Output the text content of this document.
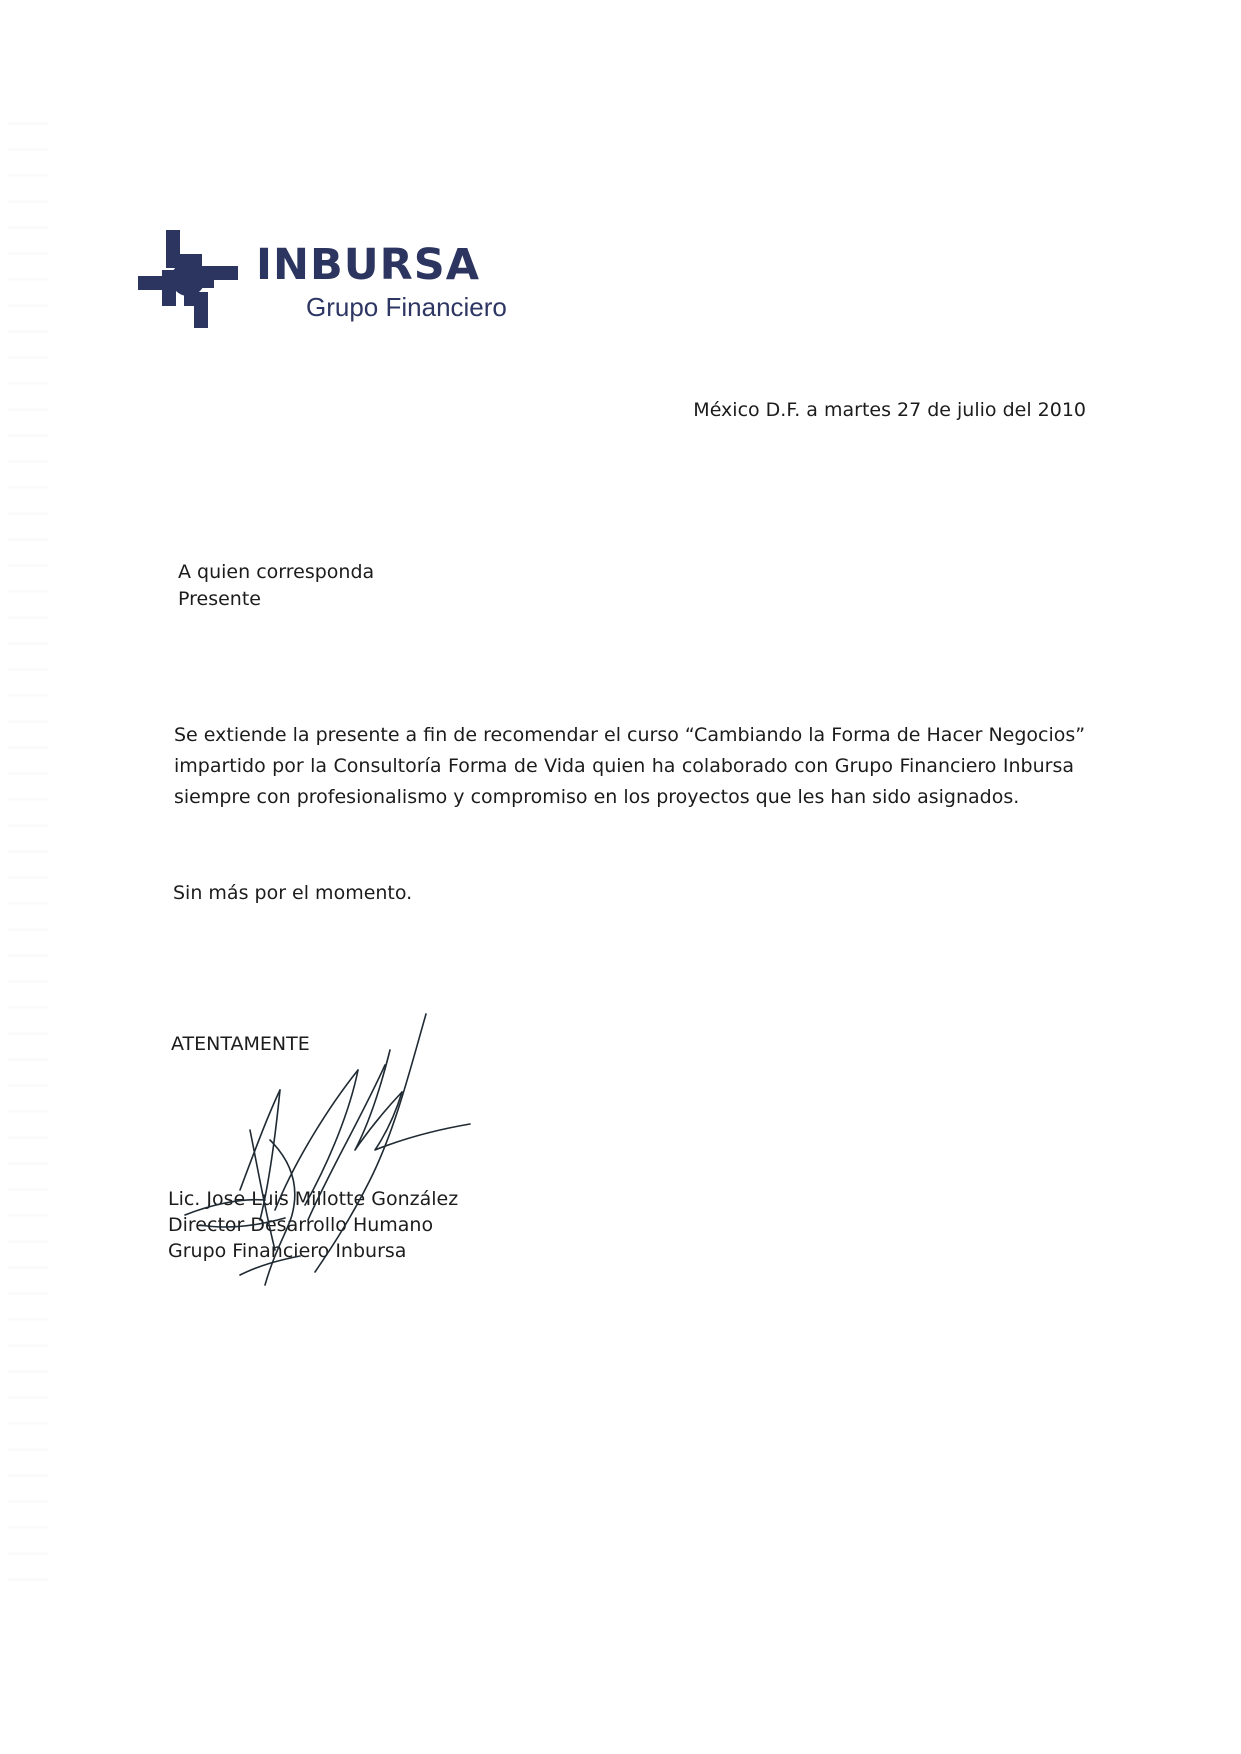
INBURSA
Grupo Financiero
México D.F. a martes 27 de julio del 2010
A quien corresponda
Presente
Se extiende la presente a fin de recomendar el curso “Cambiando la Forma de Hacer Negocios”
impartido por la Consultoría Forma de Vida quien ha colaborado con Grupo Financiero Inbursa
siempre con profesionalismo y compromiso en los proyectos que les han sido asignados.
Sin más por el momento.
ATENTAMENTE
Lic. Jose Luis Millotte González
Director Desarrollo Humano
Grupo Financiero Inbursa
